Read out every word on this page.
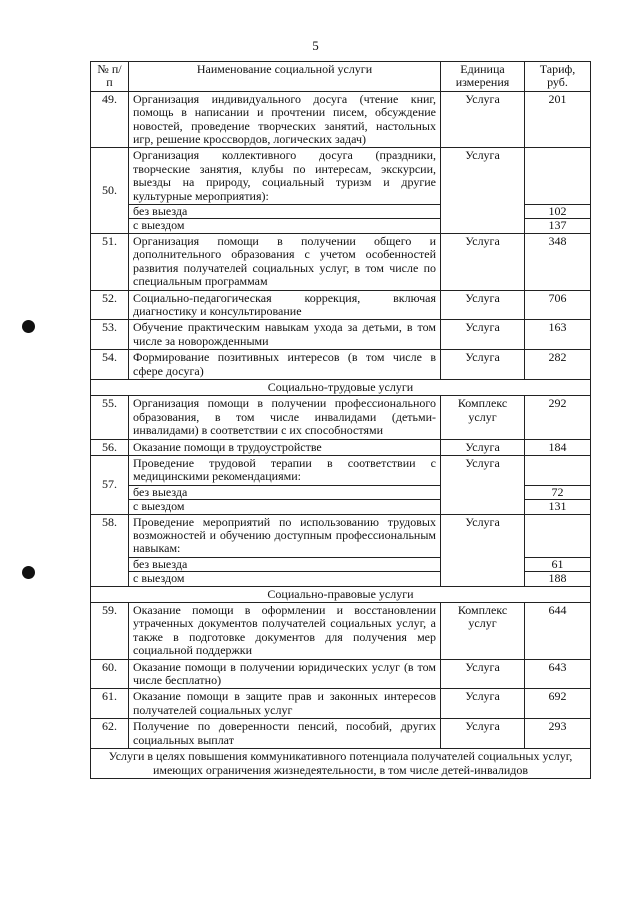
5
№ п/п	Наименование социальной услуги	Единица измерения	Тариф, руб.
49.	Организация индивидуального досуга (чтение книг, помощь в написании и прочтении писем, обсуждение новостей, проведение творческих занятий, настольных игр, решение кроссвордов, логических задач)	Услуга	201
50.	Организация коллективного досуга (праздники, творческие занятия, клубы по интересам, экскурсии, выезды на природу, социальный туризм и другие культурные мероприятия):	Услуга	
	без выезда		102
	с выездом		137
51.	Организация помощи в получении общего и дополнительного образования с учетом особенностей развития получателей социальных услуг, в том числе по специальным программам	Услуга	348
52.	Социально-педагогическая коррекция, включая диагностику и консультирование	Услуга	706
53.	Обучение практическим навыкам ухода за детьми, в том числе за новорожденными	Услуга	163
54.	Формирование позитивных интересов (в том числе в сфере досуга)	Услуга	282
Социально-трудовые услуги			
55.	Организация помощи в получении профессионального образования, в том числе инвалидами (детьми-инвалидами) в соответствии с их способностями	Комплекс услуг	292
56.	Оказание помощи в трудоустройстве	Услуга	184
57.	Проведение трудовой терапии в соответствии с медицинскими рекомендациями:	Услуга	
	без выезда		72
	с выездом		131
58.	Проведение мероприятий по использованию трудовых возможностей и обучению доступным профессиональным навыкам:	Услуга	
	без выезда		61
	с выездом		188
Социально-правовые услуги			
59.	Оказание помощи в оформлении и восстановлении утраченных документов получателей социальных услуг, а также в подготовке документов для получения мер социальной поддержки	Комплекс услуг	644
60.	Оказание помощи в получении юридических услуг (в том числе бесплатно)	Услуга	643
61.	Оказание помощи в защите прав и законных интересов получателей социальных услуг	Услуга	692
62.	Получение по доверенности пенсий, пособий, других социальных выплат	Услуга	293
Услуги в целях повышения коммуникативного потенциала получателей социальных услуг, имеющих ограничения жизнедеятельности, в том числе детей-инвалидов			
